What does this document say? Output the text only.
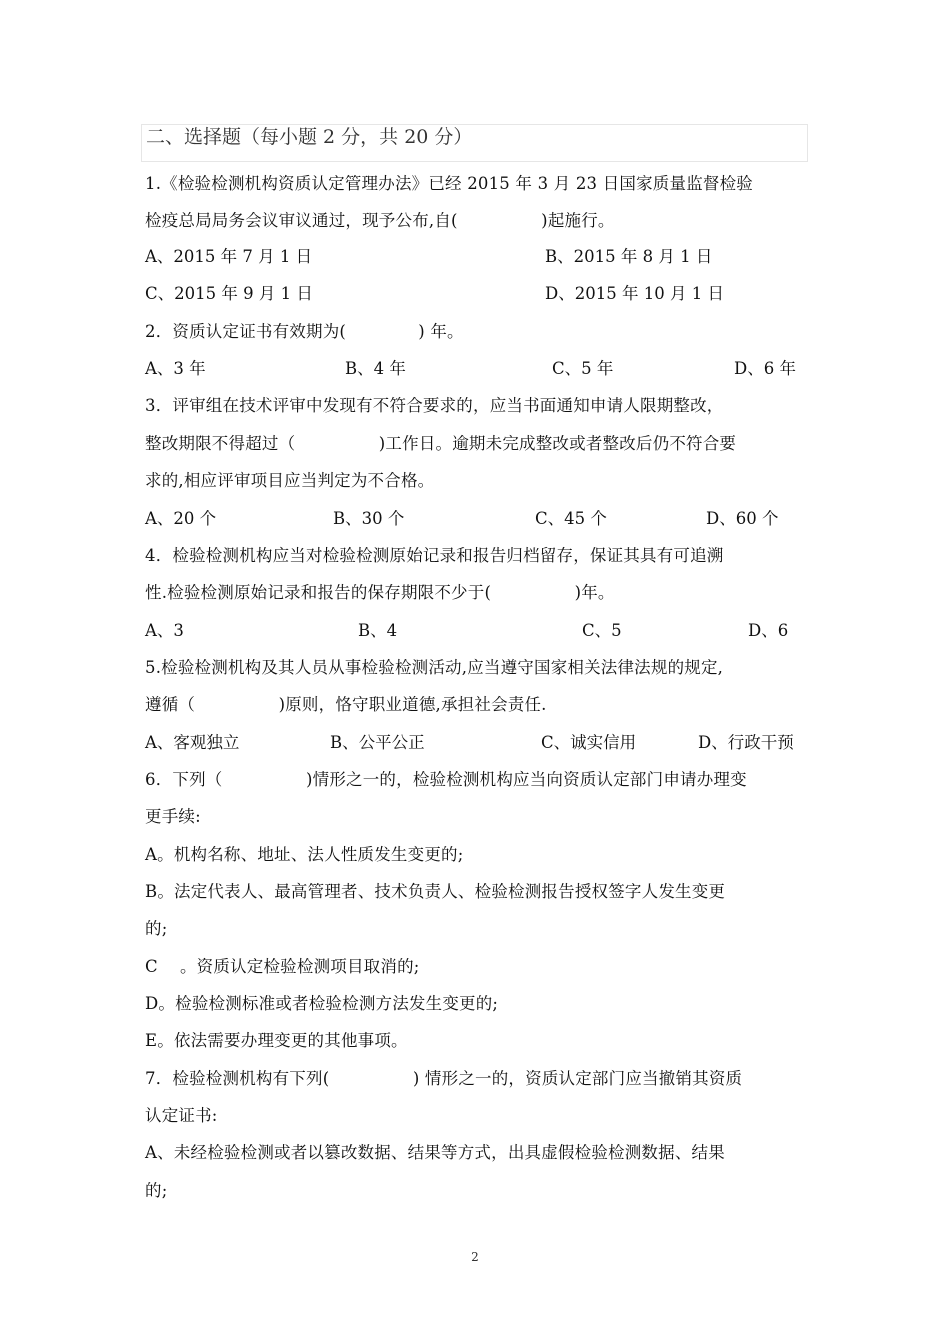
二、选择题（每小题 2 分，共 20 分）
1.《检验检测机构资质认定管理办法》已经 2015 年 3 月 23 日国家质量监督检验
检疫总局局务会议审议通过，现予公布,自(　　　　　)起施行。
A、2015 年 7 月 1 日	B、2015 年 8 月 1 日
C、2015 年 9 月 1 日	D、2015 年 10 月 1 日
2．资质认定证书有效期为(　　　　 ) 年。
A、3 年	B、4 年	C、5 年	D、6 年
3．评审组在技术评审中发现有不符合要求的，应当书面通知申请人限期整改，
整改期限不得超过（　　　　　)工作日。逾期未完成整改或者整改后仍不符合要
求的,相应评审项目应当判定为不合格。
A、20 个	B、30 个	C、45 个	D、60 个
4．检验检测机构应当对检验检测原始记录和报告归档留存，保证其具有可追溯
性.检验检测原始记录和报告的保存期限不少于(　　　　　)年。
A、3	B、4	C、5	D、6
5.检验检测机构及其人员从事检验检测活动,应当遵守国家相关法律法规的规定,
遵循（　　　　　)原则，恪守职业道德,承担社会责任.
A、客观独立	B、公平公正	C、诚实信用	D、行政干预
6．下列（　　　　　)情形之一的，检验检测机构应当向资质认定部门申请办理变
更手续:
A。机构名称、地址、法人性质发生变更的;
B。法定代表人、最高管理者、技术负责人、检验检测报告授权签字人发生变更
的;
C 　。资质认定检验检测项目取消的;
D。检验检测标准或者检验检测方法发生变更的;
E。依法需要办理变更的其他事项。
7．检验检测机构有下列(　　　　　) 情形之一的，资质认定部门应当撤销其资质
认定证书:
A、未经检验检测或者以篡改数据、结果等方式，出具虚假检验检测数据、结果
的;
2
